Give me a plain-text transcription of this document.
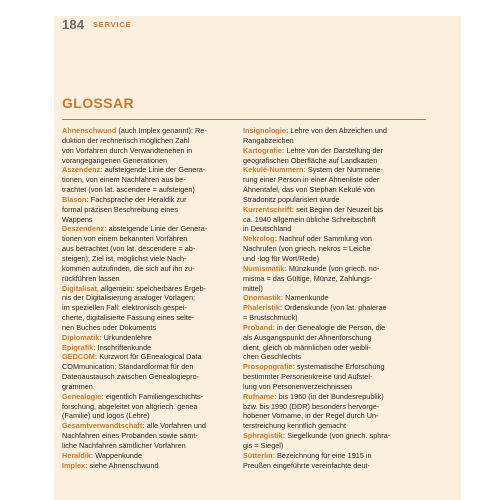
184 SERVICE
GLOSSAR
Ahnenschwund (auch Implex genannt): Re-
duktion der rechnerisch möglichen Zahl
von Vorfahren durch Verwandtenehen in
vorangegangenen Generationen
Aszendenz: aufsteigende Linie der Genera-
tionen, von einem Nachfahren aus be-
trachtet (von lat. ascendere = aufsteigen)
Blason: Fachsprache der Heraldik zur
formal präzisen Beschreibung eines
Wappens
Deszendenz: absteigende Linie der Genera-
tionen von einem bekannten Vorfahren
aus betrachtet (von lat. descendere = ab-
steigen); Ziel ist, möglichst viele Nach-
kommen aufzufinden, die sich auf ihn zu-
rückführen lassen
Digitalisat, allgemein: speicherbares Ergeb-
nis der Digitalisierung analoger Vorlagen;
im speziellen Fall: elektronisch gespei-
cherte, digitalisierte Fassung eines selte-
nen Buches oder Dokuments
Diplomatik: Urkundenlehre
Epigrafik: Inschriftenkunde
GEDCOM: Kurzwort für GEnealogical Data
COMmunication; Standardformat für den
Datenaustausch zwischen Genealogiepro-
grammen
Genealogie: eigentlich Familiengeschichts-
forschung, abgeleitet von altgriech. genea
(Familie) und logos (Lehre)
Gesamtverwandtschaft: alle Vorfahren und
Nachfahren eines Probanden sowie sämt-
liche Nachfahren sämtlicher Vorfahren
Heraldik: Wappenkunde
Implex: siehe Ahnenschwund
Insignologie: Lehre von den Abzeichen und
Rangabzeichen
Kartografie: Lehre von der Darstellung der
geografischen Oberfläche auf Landkarten
Kekulé-Nummern: System der Nummerie-
rung einer Person in einer Ahnenliste oder
Ahnentafel, das von Stephan Kekulé von
Stradonitz popularisiert wurde
Kurrentschrift: seit Beginn der Neuzeit bis
ca. 1940 allgemein übliche Schreibschrift
in Deutschland
Nekrolog: Nachruf oder Sammlung von
Nachrufen (von griech. nekros = Leiche
und -log für Wort/Rede)
Numismatik: Münzkunde (von griech. no-
misma = das Gültige, Münze, Zahlungs-
mittel)
Onomastik: Namenkunde
Phaleristik: Ordenskunde (von lat. phalerae
= Brustschmuck)
Proband: in der Genealogie die Person, die
als Ausgangspunkt der Ahnenforschung
dient, gleich ob männlichen oder weibli-
chen Geschlechts
Prosopografie: systematische Erforschung
bestimmter Personenkreise und Aufstel-
lung von Personenverzeichnissen
Rufname: bis 1960 (in der Bundesrepublik)
bzw. bis 1990 (DDR) besonders hervorge-
hobener Vorname, in der Regel durch Un-
terstreichung kenntlich gemacht
Sphragistik: Siegelkunde (von griech. sphra-
gis = Siegel)
Sütterlin: Bezeichnung für eine 1915 in
Preußen eingeführte vereinfachte deut-
